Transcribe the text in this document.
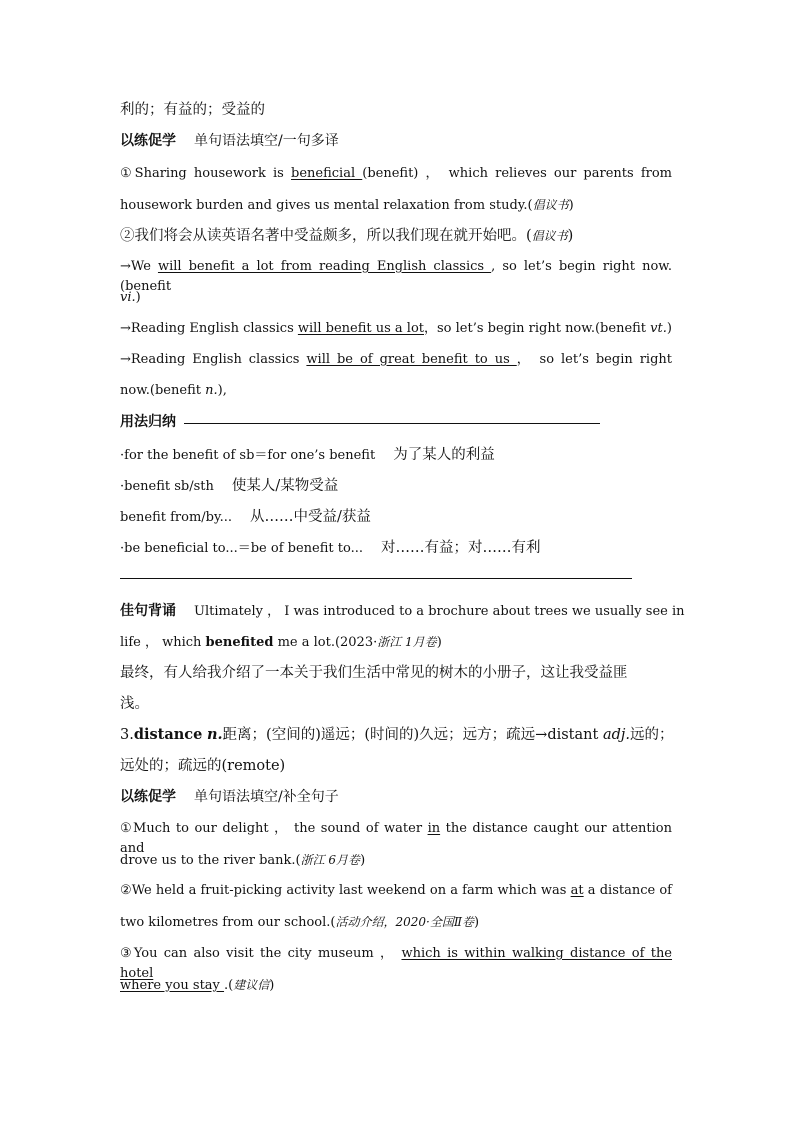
利的；有益的；受益的
以练促学 单句语法填空/一句多译
①Sharing housework is beneficial (benefit) ， which relieves our parents from
housework burden and gives us mental relaxation from study.(倡议书)
②我们将会从读英语名著中受益颇多，所以我们现在就开始吧。(倡议书)
→We will benefit a lot from reading English classics , so let’s begin right now.(benefit
vi.)
→Reading English classics will benefit us a lot，so let’s begin right now.(benefit vt.)
→Reading English classics will be of great benefit to us ， so let’s begin right
now.(benefit n.),
用法归纳
·for the benefit of sb＝for one’s benefit 为了某人的利益
·benefit sb/sth 使某人/某物受益
benefit from/by... 从……中受益/获益
·be beneficial to...＝be of benefit to... 对……有益；对……有利
佳句背诵 Ultimately ， I was introduced to a brochure about trees we usually see in
life ， which benefited me a lot.(2023·浙江 1月卷)
最终，有人给我介绍了一本关于我们生活中常见的树木的小册子，这让我受益匪
浅。
3.distance n.距离；(空间的)遥远；(时间的)久远；远方；疏远→distant adj.远的；
远处的；疏远的(remote)
以练促学 单句语法填空/补全句子
①Much to our delight ， the sound of water in the distance caught our attention and
drove us to the river bank.(浙江 6月卷)
②We held a fruit-picking activity last weekend on a farm which was at a distance of
two kilometres from our school.(活动介绍，2020·全国Ⅱ卷)
③You can also visit the city museum ， which is within walking distance of the hotel
where you stay .(建议信)
